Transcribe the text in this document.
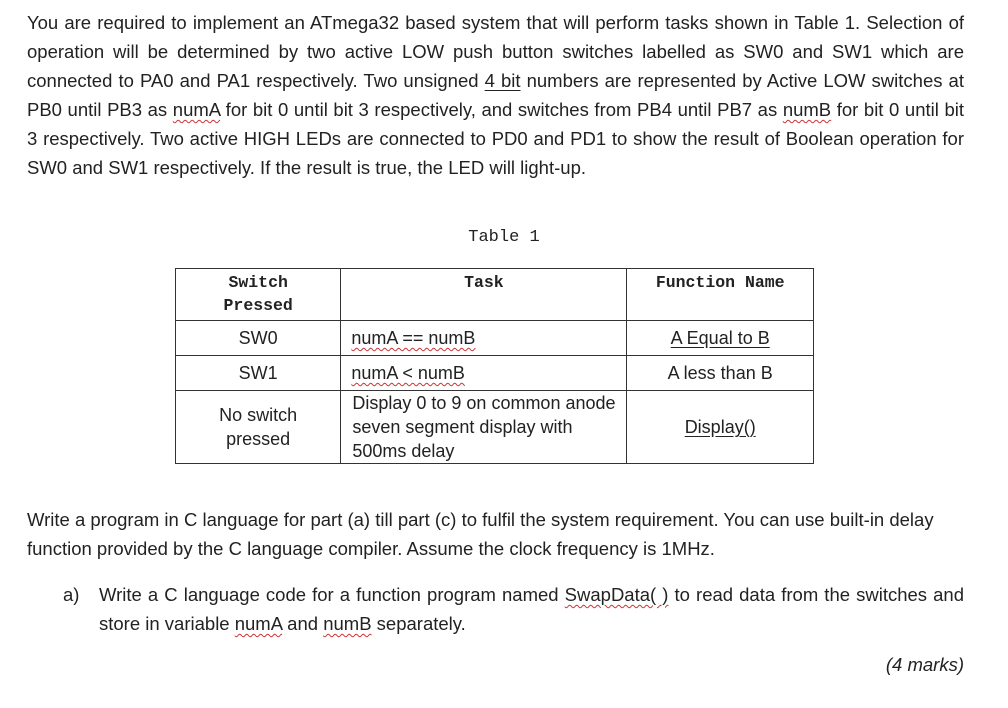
You are required to implement an ATmega32 based system that will perform tasks shown in Table 1. Selection of operation will be determined by two active LOW push button switches labelled as SW0 and SW1 which are connected to PA0 and PA1 respectively. Two unsigned 4 bit numbers are represented by Active LOW switches at PB0 until PB3 as numA for bit 0 until bit 3 respectively, and switches from PB4 until PB7 as numB for bit 0 until bit 3 respectively. Two active HIGH LEDs are connected to PD0 and PD1 to show the result of Boolean operation for SW0 and SW1 respectively. If the result is true, the LED will light-up.

Table 1
Switch
Pressed	Task	Function Name
SW0	numA == numB	A Equal to B
SW1	numA < numB	A less than B

No switch pressed	Display 0 to 9 on common anode seven segment display with 500ms delay	Display()

Write a program in C language for part (a) till part (c) to fulfil the system requirement. You can use built-in delay function provided by the C language compiler. Assume the clock frequency is 1MHz.

a) Write a C language code for a function program named SwapData( ) to read data from the switches and store in variable numA and numB separately.
(4 marks)
